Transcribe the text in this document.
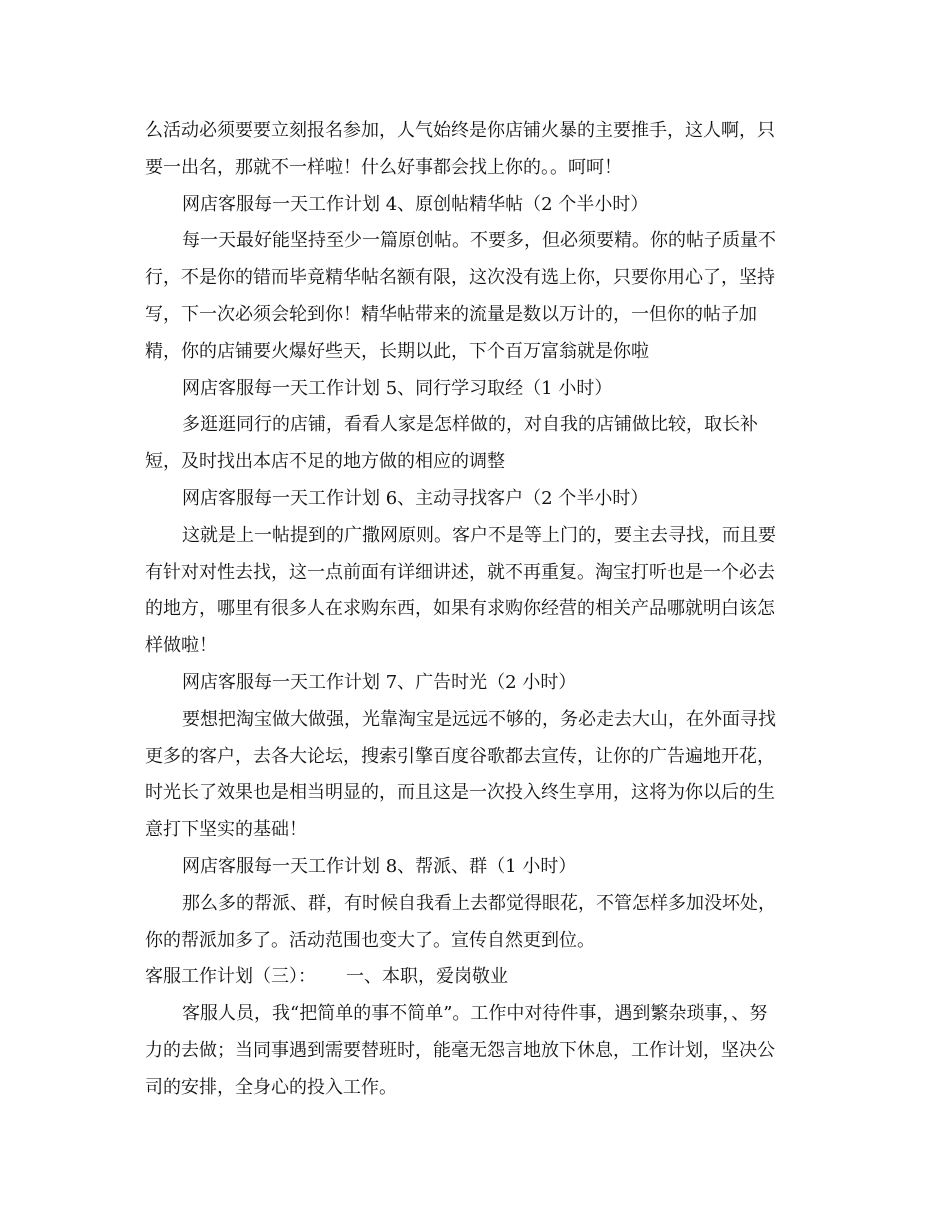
么活动必须要要立刻报名参加，人气始终是你店铺火暴的主要推手，这人啊，只

要一出名，那就不一样啦！什么好事都会找上你的。。呵呵！

网店客服每一天工作计划 4、原创帖精华帖（2 个半小时）

每一天最好能坚持至少一篇原创帖。不要多，但必须要精。你的帖子质量不

行，不是你的错而毕竟精华帖名额有限，这次没有选上你，只要你用心了，坚持

写，下一次必须会轮到你！精华帖带来的流量是数以万计的，一但你的帖子加

精，你的店铺要火爆好些天，长期以此，下个百万富翁就是你啦

网店客服每一天工作计划 5、同行学习取经（1 小时）

多逛逛同行的店铺，看看人家是怎样做的，对自我的店铺做比较，取长补

短，及时找出本店不足的地方做的相应的调整

网店客服每一天工作计划 6、主动寻找客户（2 个半小时）

这就是上一帖提到的广撒网原则。客户不是等上门的，要主去寻找，而且要

有针对对性去找，这一点前面有详细讲述，就不再重复。淘宝打听也是一个必去

的地方，哪里有很多人在求购东西，如果有求购你经营的相关产品哪就明白该怎

样做啦！

网店客服每一天工作计划 7、广告时光（2 小时）

要想把淘宝做大做强，光靠淘宝是远远不够的，务必走去大山，在外面寻找

更多的客户，去各大论坛，搜索引擎百度谷歌都去宣传，让你的广告遍地开花，

时光长了效果也是相当明显的，而且这是一次投入终生享用，这将为你以后的生

意打下坚实的基础！

网店客服每一天工作计划 8、帮派、群（1 小时）

那么多的帮派、群，有时候自我看上去都觉得眼花，不管怎样多加没坏处，

你的帮派加多了。活动范围也变大了。宣传自然更到位。

客服工作计划（三）： 一、本职，爱岗敬业

客服人员，我“把简单的事不简单”。工作中对待件事，遇到繁杂琐事，、努

力的去做；当同事遇到需要替班时，能毫无怨言地放下休息，工作计划，坚决公

司的安排，全身心的投入工作。
